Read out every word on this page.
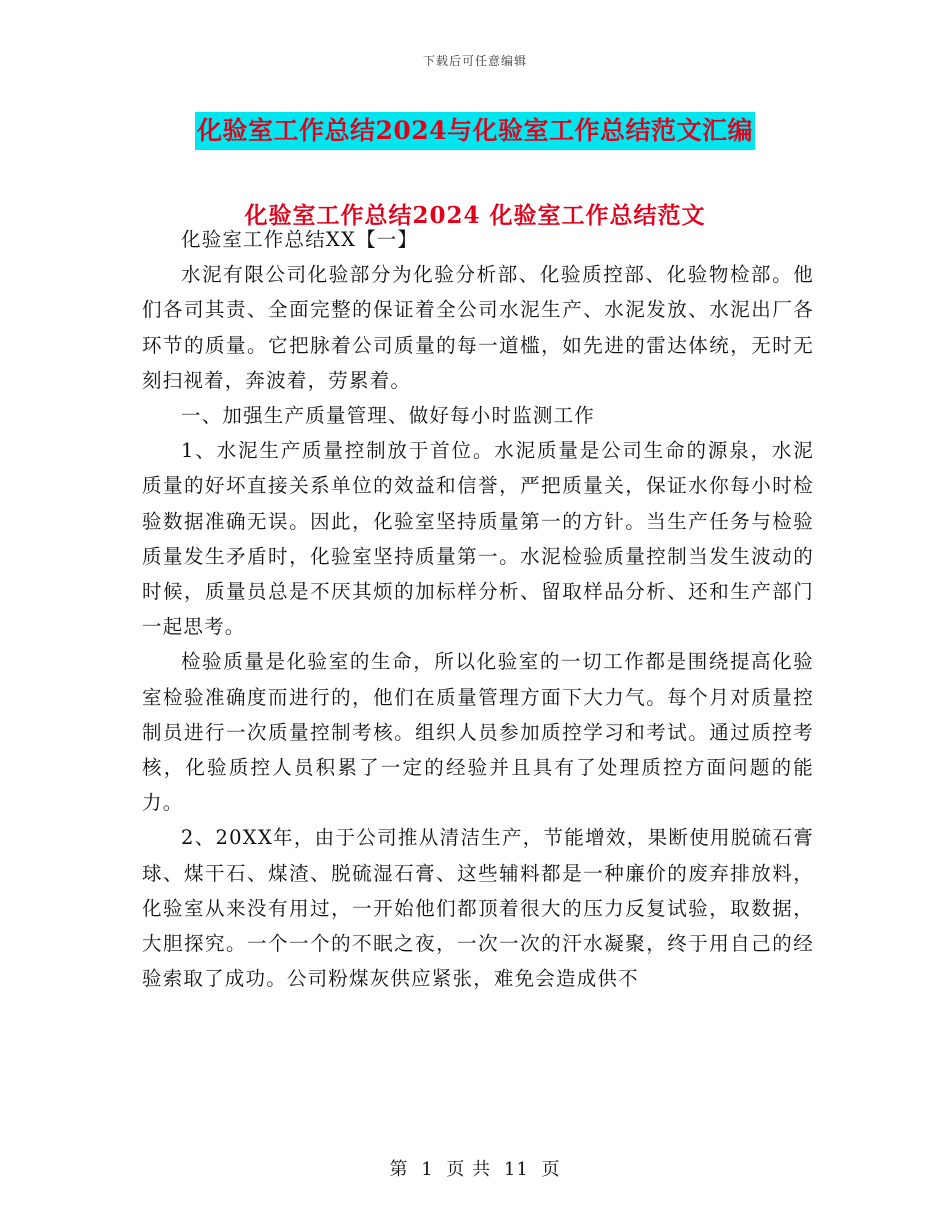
下载后可任意编辑
化验室工作总结2024与化验室工作总结范文汇编
化验室工作总结2024 化验室工作总结范文

化验室工作总结XX【一】

水泥有限公司化验部分为化验分析部、化验质控部、化验物检部。他们各司其责、全面完整的保证着全公司水泥生产、水泥发放、水泥出厂各环节的质量。它把脉着公司质量的每一道槛，如先进的雷达体统，无时无刻扫视着，奔波着，劳累着。

一、加强生产质量管理、做好每小时监测工作

1、水泥生产质量控制放于首位。水泥质量是公司生命的源泉，水泥质量的好坏直接关系单位的效益和信誉，严把质量关，保证水你每小时检验数据准确无误。因此，化验室坚持质量第一的方针。当生产任务与检验质量发生矛盾时，化验室坚持质量第一。水泥检验质量控制当发生波动的时候，质量员总是不厌其烦的加标样分析、留取样品分析、还和生产部门一起思考。

检验质量是化验室的生命，所以化验室的一切工作都是围绕提高化验室检验准确度而进行的，他们在质量管理方面下大力气。每个月对质量控制员进行一次质量控制考核。组织人员参加质控学习和考试。通过质控考核，化验质控人员积累了一定的经验并且具有了处理质控方面问题的能力。

2、20XX年，由于公司推从清洁生产，节能增效，果断使用脱硫石膏球、煤干石、煤渣、脱硫湿石膏、这些辅料都是一种廉价的废弃排放料，化验室从来没有用过，一开始他们都顶着很大的压力反复试验，取数据，大胆探究。一个一个的不眠之夜，一次一次的汗水凝聚，终于用自己的经验索取了成功。公司粉煤灰供应紧张，难免会造成供不

第 1 页 共 11 页
